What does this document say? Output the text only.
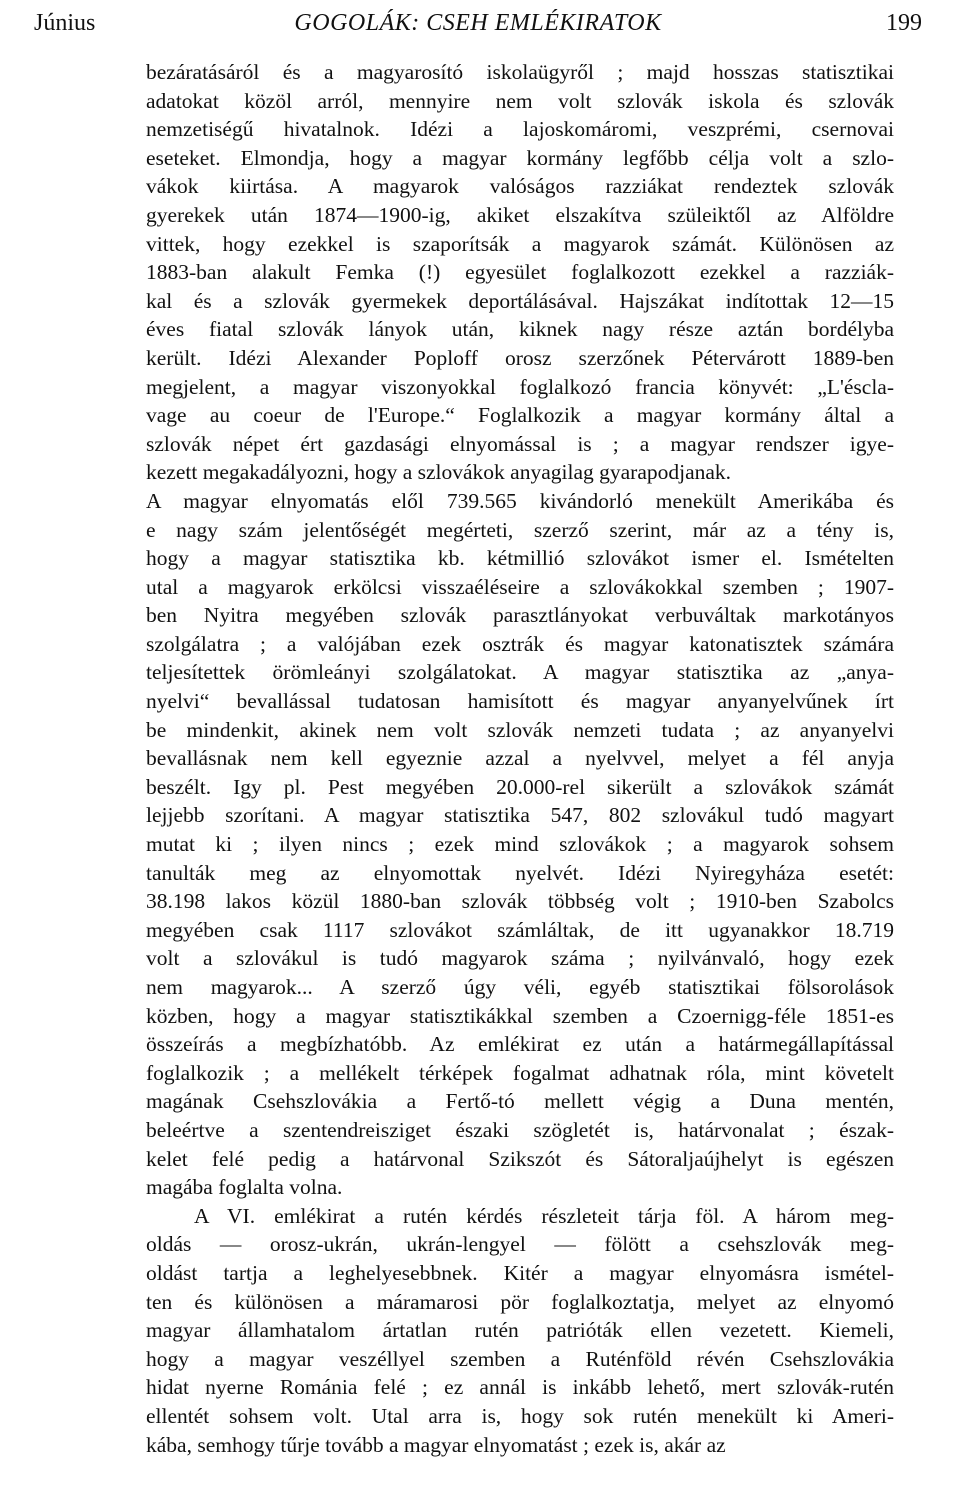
Június	GOGOLÁK: CSEH EMLÉKIRATOK	199
bezáratásáról és a magyarosító iskolaügyről ; majd hosszas statisztikai
adatokat közöl arról, mennyire nem volt szlovák iskola és szlovák
nemzetiségű hivatalnok. Idézi a lajoskomáromi, veszprémi, csernovai
eseteket. Elmondja, hogy a magyar kormány legfőbb célja volt a szlo-
vákok kiirtása. A magyarok valóságos razziákat rendeztek szlovák
gyerekek után 1874—1900-ig, akiket elszakítva szüleiktől az Alföldre
vittek, hogy ezekkel is szaporítsák a magyarok számát. Különösen az
1883-ban alakult Femka (!) egyesület foglalkozott ezekkel a razziák-
kal és a szlovák gyermekek deportálásával. Hajszákat indítottak 12—15
éves fiatal szlovák lányok után, kiknek nagy része aztán bordélyba
került. Idézi Alexander Poploff orosz szerzőnek Pétervárott 1889-ben
megjelent, a magyar viszonyokkal foglalkozó francia könyvét: „L'éscla-
vage au coeur de l'Europe.“ Foglalkozik a magyar kormány által a
szlovák népet ért gazdasági elnyomással is ; a magyar rendszer igye-
kezett megakadályozni, hogy a szlovákok anyagilag gyarapodjanak.
A magyar elnyomatás elől 739.565 kivándorló menekült Amerikába és
e nagy szám jelentőségét megérteti, szerző szerint, már az a tény is,
hogy a magyar statisztika kb. kétmillió szlovákot ismer el. Ismételten
utal a magyarok erkölcsi visszaéléseire a szlovákokkal szemben ; 1907-
ben Nyitra megyében szlovák parasztlányokat verbuváltak markotányos
szolgálatra ; a valójában ezek osztrák és magyar katonatisztek számára
teljesítettek örömleányi szolgálatokat. A magyar statisztika az „anya-
nyelvi“ bevallással tudatosan hamisított és magyar anyanyelvűnek írt
be mindenkit, akinek nem volt szlovák nemzeti tudata ; az anyanyelvi
bevallásnak nem kell egyeznie azzal a nyelvvel, melyet a fél anyja
beszélt. Igy pl. Pest megyében 20.000-rel sikerült a szlovákok számát
lejjebb szorítani. A magyar statisztika 547, 802 szlovákul tudó magyart
mutat ki ; ilyen nincs ; ezek mind szlovákok ; a magyarok sohsem
tanulták meg az elnyomottak nyelvét. Idézi Nyiregyháza esetét:
38.198 lakos közül 1880-ban szlovák többség volt ; 1910-ben Szabolcs
megyében csak 1117 szlovákot számláltak, de itt ugyanakkor 18.719
volt a szlovákul is tudó magyarok száma ; nyilvánvaló, hogy ezek
nem magyarok... A szerző úgy véli, egyéb statisztikai fölsorolások
közben, hogy a magyar statisztikákkal szemben a Czoernigg-féle 1851-es
összeírás a megbízhatóbb. Az emlékirat ez után a határmegállapítással
foglalkozik ; a mellékelt térképek fogalmat adhatnak róla, mint követelt
magának Csehszlovákia a Fertő-tó mellett végig a Duna mentén,
beleértve a szentendreisziget északi szögletét is, határvonalat ; észak-
kelet felé pedig a határvonal Szikszót és Sátoraljaújhelyt is egészen
magába foglalta volna.
A VI. emlékirat a rutén kérdés részleteit tárja föl. A három meg-
oldás — orosz-ukrán, ukrán-lengyel — fölött a csehszlovák meg-
oldást tartja a leghelyesebbnek. Kitér a magyar elnyomásra ismétel-
ten és különösen a máramarosi pör foglalkoztatja, melyet az elnyomó
magyar államhatalom ártatlan rutén patrióták ellen vezetett. Kiemeli,
hogy a magyar veszéllyel szemben a Ruténföld révén Csehszlovákia
hidat nyerne Románia felé ; ez annál is inkább lehető, mert szlovák-rutén
ellentét sohsem volt. Utal arra is, hogy sok rutén menekült ki Ameri-
kába, semhogy tűrje tovább a magyar elnyomatást ; ezek is, akár az
